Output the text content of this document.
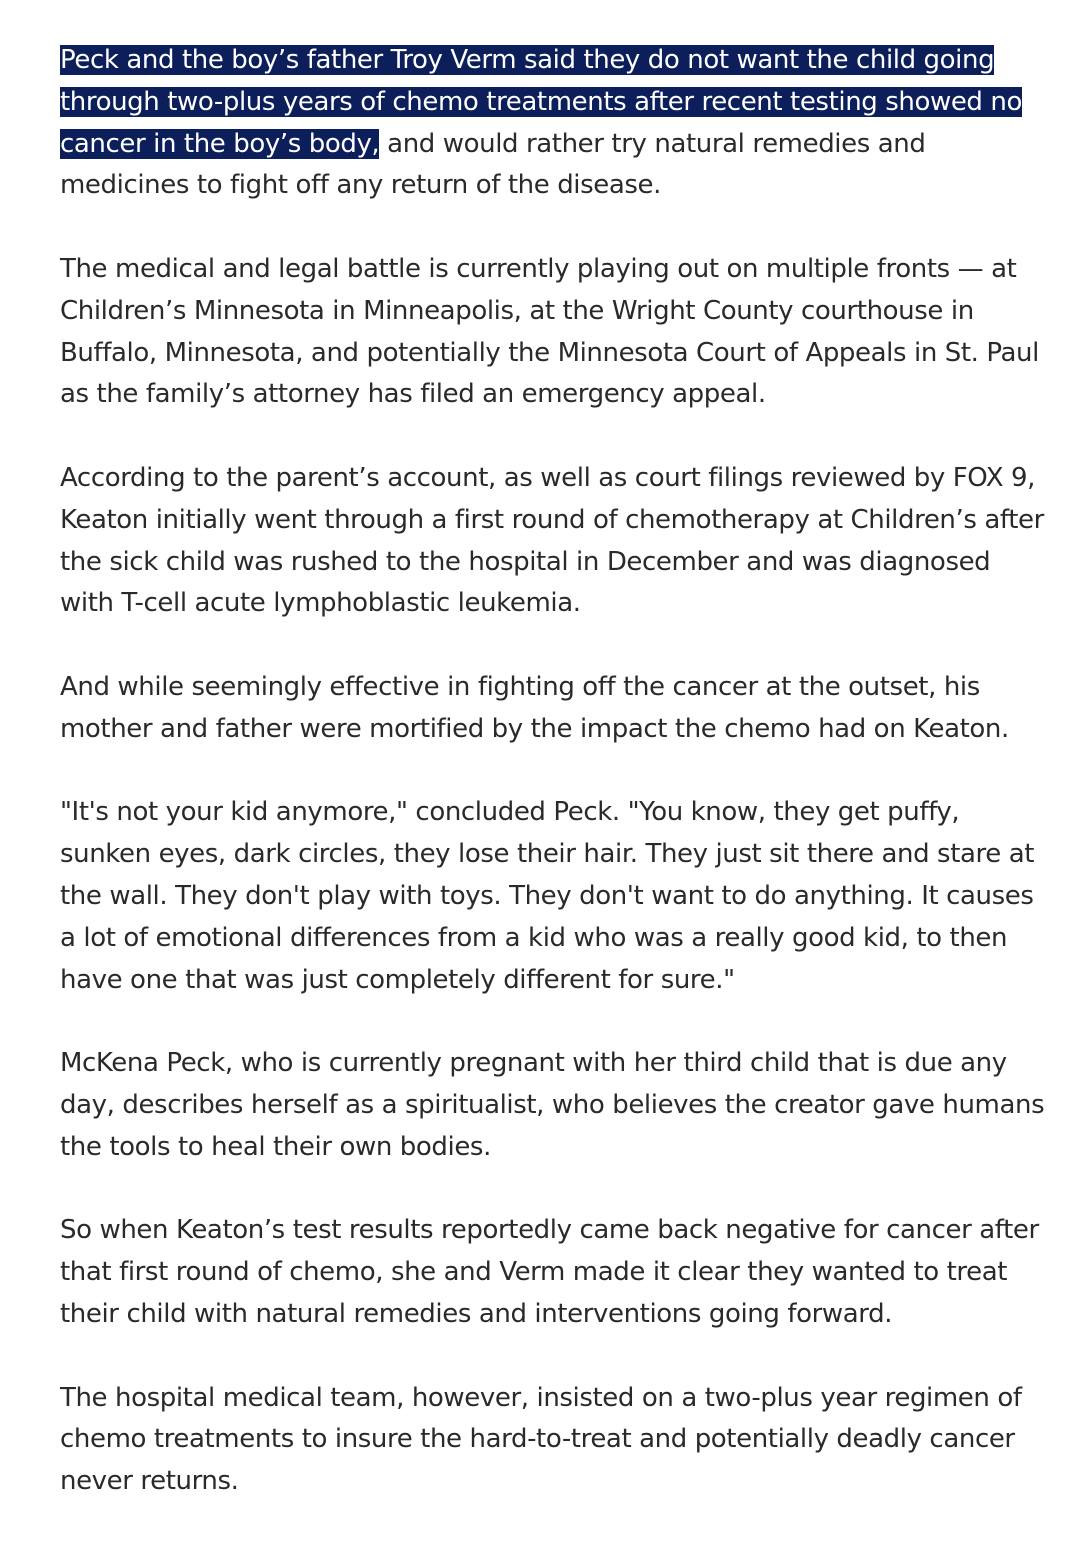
Peck and the boy’s father Troy Verm said they do not want the child going through two-plus years of chemo treatments after recent testing showed no cancer in the boy’s body, and would rather try natural remedies and medicines to fight off any return of the disease.

The medical and legal battle is currently playing out on multiple fronts — at Children’s Minnesota in Minneapolis, at the Wright County courthouse in Buffalo, Minnesota, and potentially the Minnesota Court of Appeals in St. Paul as the family’s attorney has filed an emergency appeal.

According to the parent’s account, as well as court filings reviewed by FOX 9, Keaton initially went through a first round of chemotherapy at Children’s after the sick child was rushed to the hospital in December and was diagnosed with T-cell acute lymphoblastic leukemia.

And while seemingly effective in fighting off the cancer at the outset, his mother and father were mortified by the impact the chemo had on Keaton.

"It's not your kid anymore," concluded Peck. "You know, they get puffy, sunken eyes, dark circles, they lose their hair. They just sit there and stare at the wall. They don't play with toys. They don't want to do anything. It causes a lot of emotional differences from a kid who was a really good kid, to then have one that was just completely different for sure."

McKena Peck, who is currently pregnant with her third child that is due any day, describes herself as a spiritualist, who believes the creator gave humans the tools to heal their own bodies.

So when Keaton’s test results reportedly came back negative for cancer after that first round of chemo, she and Verm made it clear they wanted to treat their child with natural remedies and interventions going forward.

The hospital medical team, however, insisted on a two-plus year regimen of chemo treatments to insure the hard-to-treat and potentially deadly cancer never returns.
